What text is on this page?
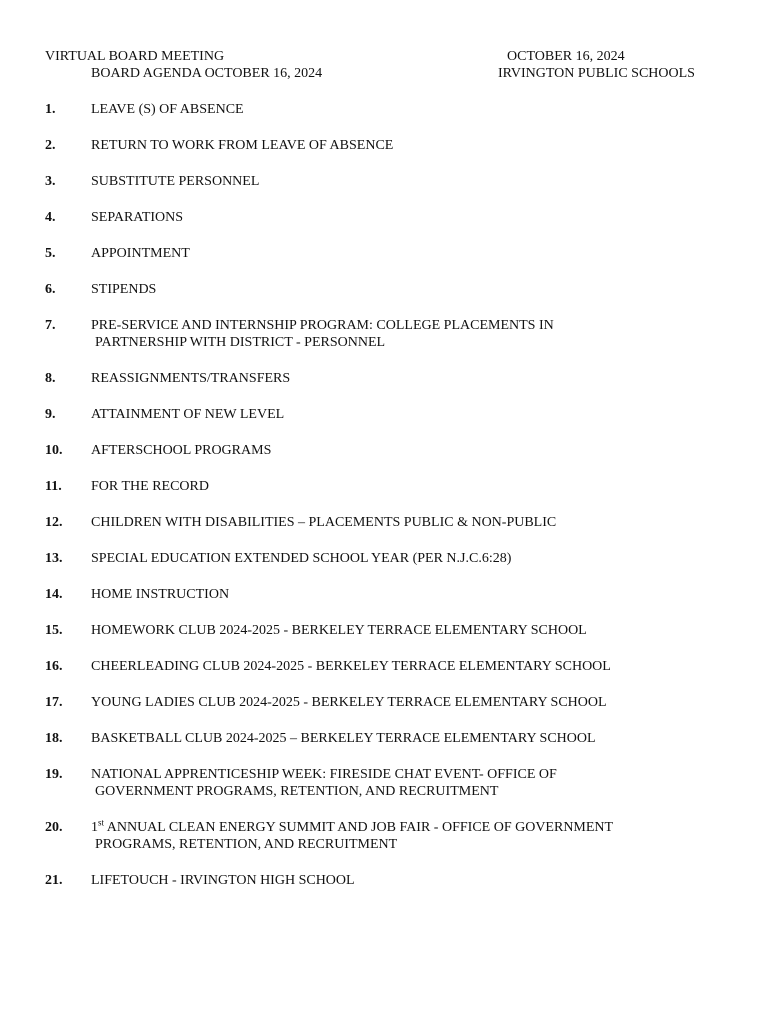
VIRTUAL BOARD MEETING
BOARD AGENDA OCTOBER 16, 2024
OCTOBER 16, 2024
IRVINGTON PUBLIC SCHOOLS
1.	LEAVE (S) OF ABSENCE
2.	RETURN TO WORK FROM LEAVE OF ABSENCE
3.	SUBSTITUTE PERSONNEL
4.	SEPARATIONS
5.	APPOINTMENT
6.	STIPENDS
7.	PRE-SERVICE AND INTERNSHIP PROGRAM: COLLEGE PLACEMENTS IN
PARTNERSHIP WITH DISTRICT - PERSONNEL
8.	REASSIGNMENTS/TRANSFERS
9.	ATTAINMENT OF NEW LEVEL
10. AFTERSCHOOL PROGRAMS
11. FOR THE RECORD
12. CHILDREN WITH DISABILITIES – PLACEMENTS PUBLIC & NON-PUBLIC
13. SPECIAL EDUCATION EXTENDED SCHOOL YEAR (PER N.J.C.6:28)
14. HOME INSTRUCTION
15. HOMEWORK CLUB 2024-2025 - BERKELEY TERRACE ELEMENTARY SCHOOL
16. CHEERLEADING CLUB 2024-2025 - BERKELEY TERRACE ELEMENTARY SCHOOL
17. YOUNG LADIES CLUB 2024-2025 - BERKELEY TERRACE ELEMENTARY SCHOOL
18. BASKETBALL CLUB 2024-2025 – BERKELEY TERRACE ELEMENTARY SCHOOL
19. NATIONAL APPRENTICESHIP WEEK: FIRESIDE CHAT EVENT- OFFICE OF
GOVERNMENT PROGRAMS, RETENTION, AND RECRUITMENT
20. 1st ANNUAL CLEAN ENERGY SUMMIT AND JOB FAIR - OFFICE OF GOVERNMENT
PROGRAMS, RETENTION, AND RECRUITMENT
21. LIFETOUCH - IRVINGTON HIGH SCHOOL
